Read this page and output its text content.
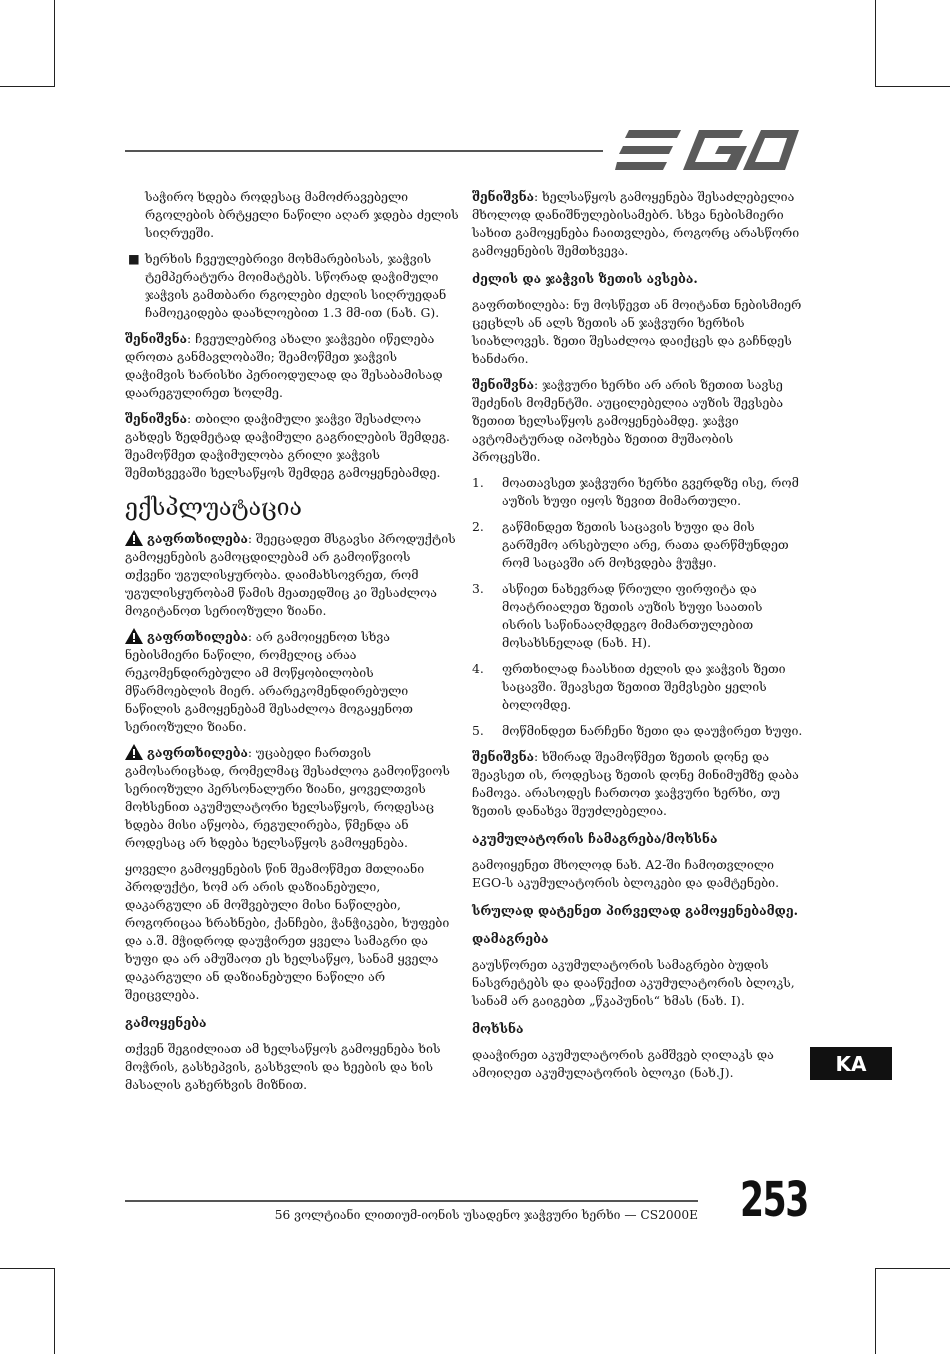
საჭირო ხდება როდესაც მამოძრავებელი რგოლების ბრტყელი ნაწილი აღარ ჯდება ძელის სიღრუეში.

■ ხერხის ჩვეულებრივი მოხმარებისას, ჯაჭვის ტემპერატურა მოიმატებს. სწორად დაჭიმული ჯაჭვის გამთბარი რგოლები ძელის სიღრუედან ჩამოეკიდება დაახლოებით 1.3 მმ-ით (ნახ. G).

შენიშვნა: ჩვეულებრივ ახალი ჯაჭვები იწელება დროთა განმავლობაში; შეამოწმეთ ჯაჭვის დაჭიმვის ხარისხი პერიოდულად და შესაბამისად დაარეგულირეთ ხოლმე.

შენიშვნა: თბილი დაჭიმული ჯაჭვი შესაძლოა გახდეს ზედმეტად დაჭიმული გაგრილების შემდეგ. შეამოწმეთ დაჭიმულობა გრილი ჯაჭვის შემთხვევაში ხელსაწყოს შემდეგ გამოყენებამდე.

ექსპლუატაცია

გაფრთხილება: შეეცადეთ მსგავსი პროდუქტის გამოყენების გამოცდილებამ არ გამოიწვიოს თქვენი უგულისყურობა. დაიმახსოვრეთ, რომ უგულისყურობამ წამის მეათედშიც კი შესაძლოა მოგიტანოთ სერიოზული ზიანი.

გაფრთხილება: არ გამოიყენოთ სხვა ნებისმიერი ნაწილი, რომელიც არაა რეკომენდირებული ამ მოწყობილობის მწარმოებლის მიერ. არარეკომენდირებული ნაწილის გამოყენებამ შესაძლოა მოგაყენოთ სერიოზული ზიანი.

გაფრთხილება: უცაბედი ჩართვის გამოსარიცხად, რომელმაც შესაძლოა გამოიწვიოს სერიოზული პერსონალური ზიანი, ყოველთვის მოხსენით აკუმულატორი ხელსაწყოს, როდესაც ხდება მისი აწყობა, რეგულირება, წმენდა ან როდესაც არ ხდება ხელსაწყოს გამოყენება.

ყოველი გამოყენების წინ შეამოწმეთ მთლიანი პროდუქტი, ხომ არ არის დაზიანებული, დაკარგული ან მოშვებული მისი ნაწილები, როგორიცაა ხრახნები, ქანჩები, ჭანჭიკები, ხუფები და ა.შ. მჭიდროდ დაუჭირეთ ყველა სამაგრი და ხუფი და არ ამუშაოთ ეს ხელსაწყო, სანამ ყველა დაკარგული ან დაზიანებული ნაწილი არ შეიცვლება.

გამოყენება

თქვენ შეგიძლიათ ამ ხელსაწყოს გამოყენება ხის მოჭრის, გასხეპვის, გასხვლის და ხეების და ხის მასალის გახერხვის მიზნით.

შენიშვნა: ხელსაწყოს გამოყენება შესაძლებელია მხოლოდ დანიშნულებისამებრ. სხვა ნებისმიერი სახით გამოყენება ჩაითვლება, როგორც არასწორი გამოყენების შემთხვევა.

ძელის და ჯაჭვის ზეთის ავსება.

გაფრთხილება: ნუ მოსწევთ ან მოიტანთ ნებისმიერ ცეცხლს ან ალს ზეთის ან ჯაჭვური ხერხის სიახლოვეს. ზეთი შესაძლოა დაიქცეს და გაჩნდეს ხანძარი.

შენიშვნა: ჯაჭვური ხერხი არ არის ზეთით სავსე შეძენის მომენტში. აუცილებელია აუზის შევსება ზეთით ხელსაწყოს გამოყენებამდე. ჯაჭვი ავტომატურად იპოხება ზეთით მუშაობის პროცესში.

1. მოათავსეთ ჯაჭვური ხერხი გვერდზე ისე, რომ აუზის ხუფი იყოს ზევით მიმართული.
2. გაწმინდეთ ზეთის საცავის ხუფი და მის გარშემო არსებული არე, რათა დარწმუნდეთ რომ საცავში არ მოხვდება ჭუჭყი.
3. ასწიეთ ნახევრად წრიული ფირფიტა და მოატრიალეთ ზეთის აუზის ხუფი საათის ისრის საწინააღმდეგო მიმართულებით მოსახსნელად (ნახ. H).
4. ფრთხილად ჩაასხით ძელის და ჯაჭვის ზეთი საცავში. შეავსეთ ზეთით შემვსები ყელის ბოლომდე.
5. მოწმინდეთ ნარჩენი ზეთი და დაუჭირეთ ხუფი.

შენიშვნა: ხშირად შეამოწმეთ ზეთის დონე და შეავსეთ ის, როდესაც ზეთის დონე მინიმუმზე დაბა ჩამოვა. არასოდეს ჩართოთ ჯაჭვური ხერხი, თუ ზეთის დანახვა შეუძლებელია.

აკუმულატორის ჩამაგრება/მოხსნა

გამოიყენეთ მხოლოდ ნახ. A2-ში ჩამოთვლილი EGO-ს აკუმულატორის ბლოკები და დამტენები.

სრულად დატენეთ პირველად გამოყენებამდე.
დამაგრება

გაუსწორეთ აკუმულატორის სამაგრები ბუდის ნასვრეტებს და დააწექით აკუმულატორის ბლოკს, სანამ არ გაიგებთ „წკაპუნის“ ხმას (ნახ. I).

მოხსნა

დააჭირეთ აკუმულატორის გამშვებ ღილაკს და ამოიღეთ აკუმულატორის ბლოკი (ნახ.J).	KA
253
56 ვოლტიანი ლითიუმ-იონის უსადენო ჯაჭვური ხერხი — CS2000E
